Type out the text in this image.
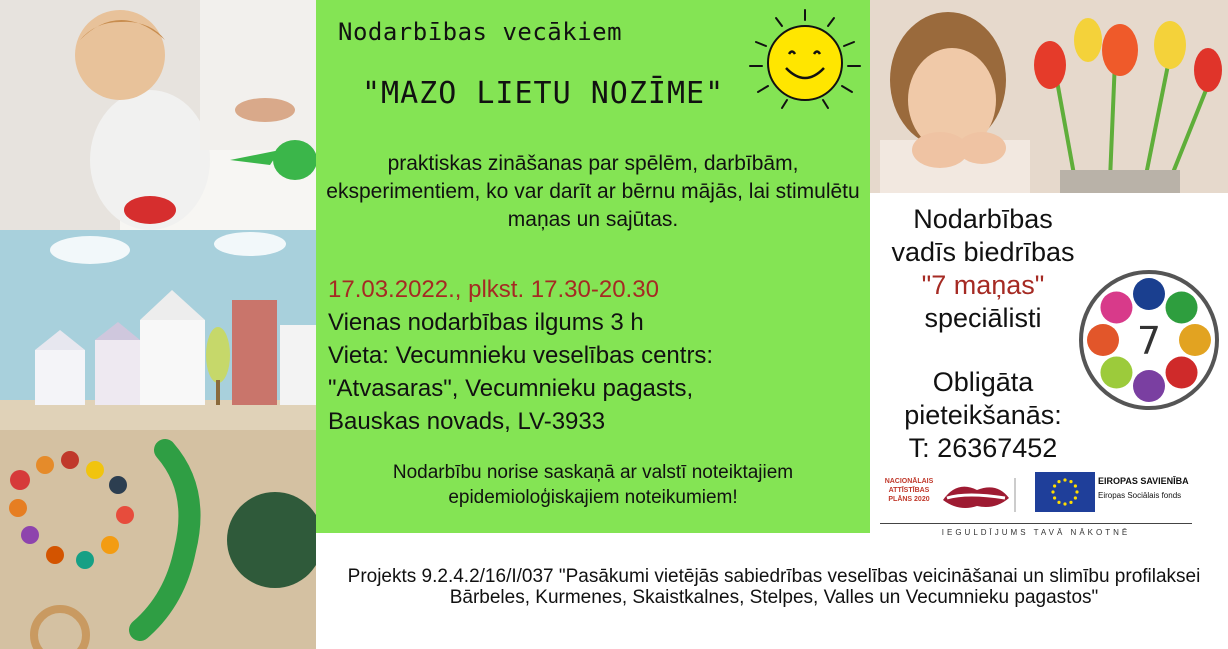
Nodarbības vecākiem
"MAZO LIETU NOZĪME"
praktiskas zināšanas par spēlēm, darbībām, eksperimentiem, ko var darīt ar bērnu mājās, lai stimulētu maņas un sajūtas.
17.03.2022., plkst. 17.30-20.30
Vienas nodarbības ilgums 3 h
Vieta: Vecumnieku veselības centrs:
"Atvasaras", Vecumnieku pagasts,
Bauskas novads, LV-3933
Nodarbību norise saskaņā ar valstī noteiktajiem epidemioloģiskajiem noteikumiem!
Nodarbības
vadīs biedrības
"7 maņas"
speciālisti
Obligāta
pieteikšanās:
T: 26367452
7
NACIONĀLAIS ATTĪSTĪBAS PLĀNS 2020
EIROPAS SAVIENĪBA
Eiropas Sociālais fonds
IEGULDĪJUMS TAVĀ NĀKOTNĒ
Projekts 9.2.4.2/16/I/037 "Pasākumi vietējās sabiedrības veselības veicināšanai un slimību profilaksei Bārbeles, Kurmenes, Skaistkalnes, Stelpes, Valles un Vecumnieku pagastos"
